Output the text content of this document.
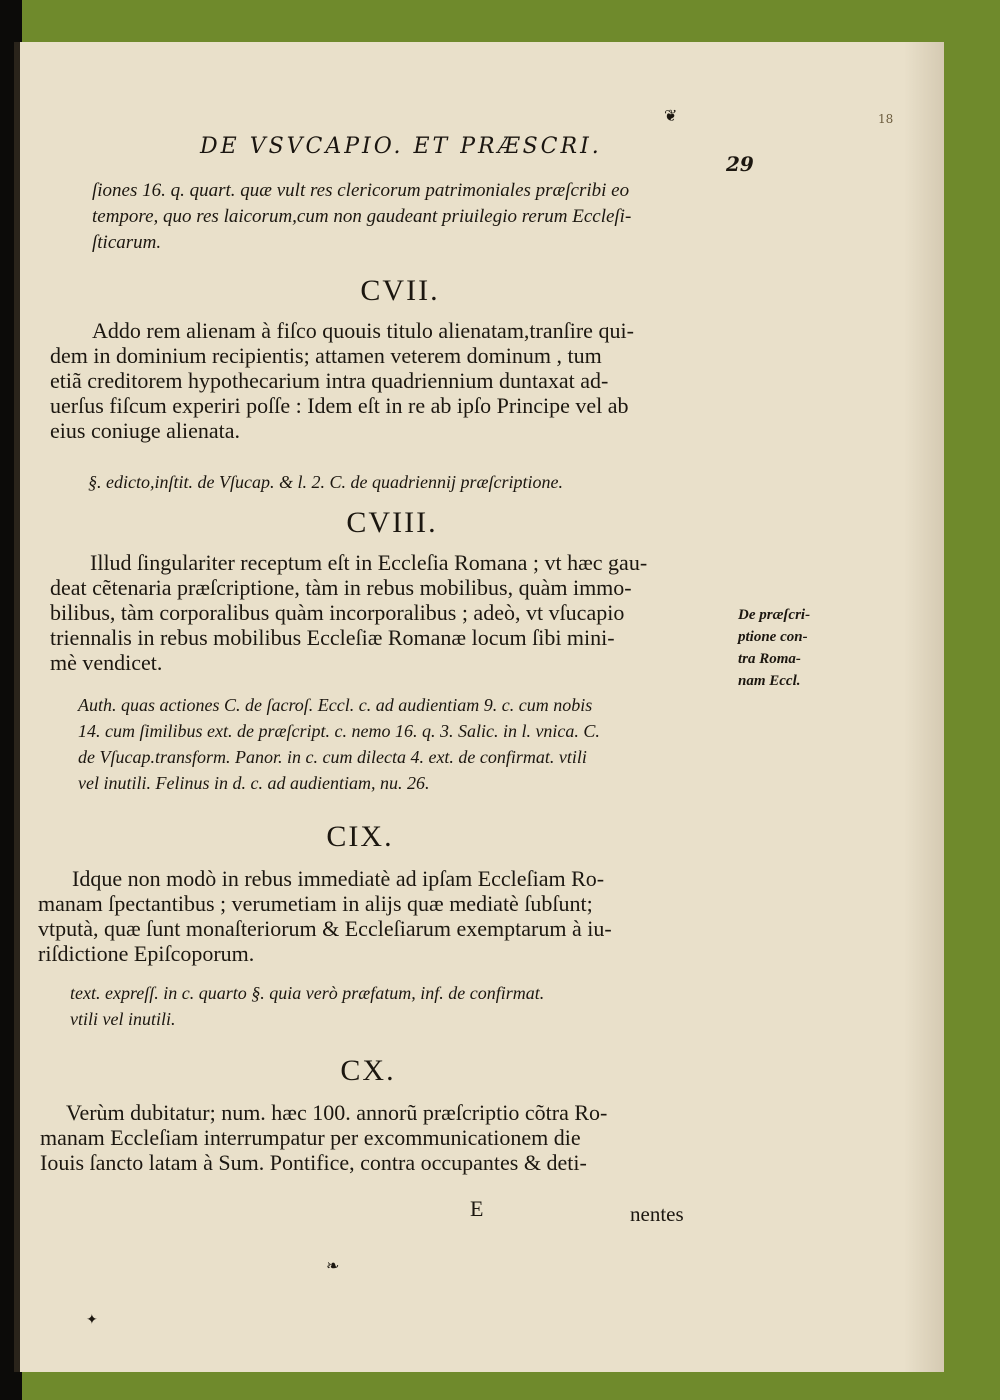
❦	18
DE VSVCAPIO. ET PRÆSCRI.
29
ſiones 16. q. quart. quæ vult res clericorum patrimoniales præſcribi eo
tempore, quo res laicorum,cum non gaudeant priuilegio rerum Eccleſi-
ſticarum.
CVII.
Addo rem alienam à fiſco quouis titulo alienatam,tranſire qui-
dem in dominium recipientis; attamen veterem dominum , tum
etiã creditorem hypothecarium intra quadriennium duntaxat ad-
uerſus fiſcum experiri poſſe : Idem eſt in re ab ipſo Principe vel ab
eius coniuge alienata.
§. edicto,inſtit. de Vſucap. & l. 2. C. de quadriennij præſcriptione.
CVIII.
Illud ſingulariter receptum eſt in Eccleſia Romana ; vt hæc gau-
deat cẽtenaria præſcriptione, tàm in rebus mobilibus, quàm immo-
bilibus, tàm corporalibus quàm incorporalibus ; adeò, vt vſucapio
triennalis in rebus mobilibus Eccleſiæ Romanæ locum ſibi mini-
mè vendicet.
De præſcri-
ptione con-
tra Roma-
nam Eccl.
Auth. quas actiones C. de ſacroſ. Eccl. c. ad audientiam 9. c. cum nobis
14. cum ſimilibus ext. de præſcript. c. nemo 16. q. 3. Salic. in l. vnica. C.
de Vſucap.transform. Panor. in c. cum dilecta 4. ext. de confirmat. vtili
vel inutili. Felinus in d. c. ad audientiam, nu. 26.
CIX.
Idque non modò in rebus immediatè ad ipſam Eccleſiam Ro-
manam ſpectantibus ; verumetiam in alijs quæ mediatè ſubſunt;
vtputà, quæ ſunt monaſteriorum & Eccleſiarum exemptarum à iu-
riſdictione Epiſcoporum.
text. expreſſ. in c. quarto §. quia verò præfatum, inf. de confirmat.
vtili vel inutili.
CX.
Verùm dubitatur; num. hæc 100. annorũ præſcriptio cõtra Ro-
manam Eccleſiam interrumpatur per excommunicationem die
Iouis ſancto latam à Sum. Pontifice, contra occupantes & deti-
E	nentes
❧
✦
